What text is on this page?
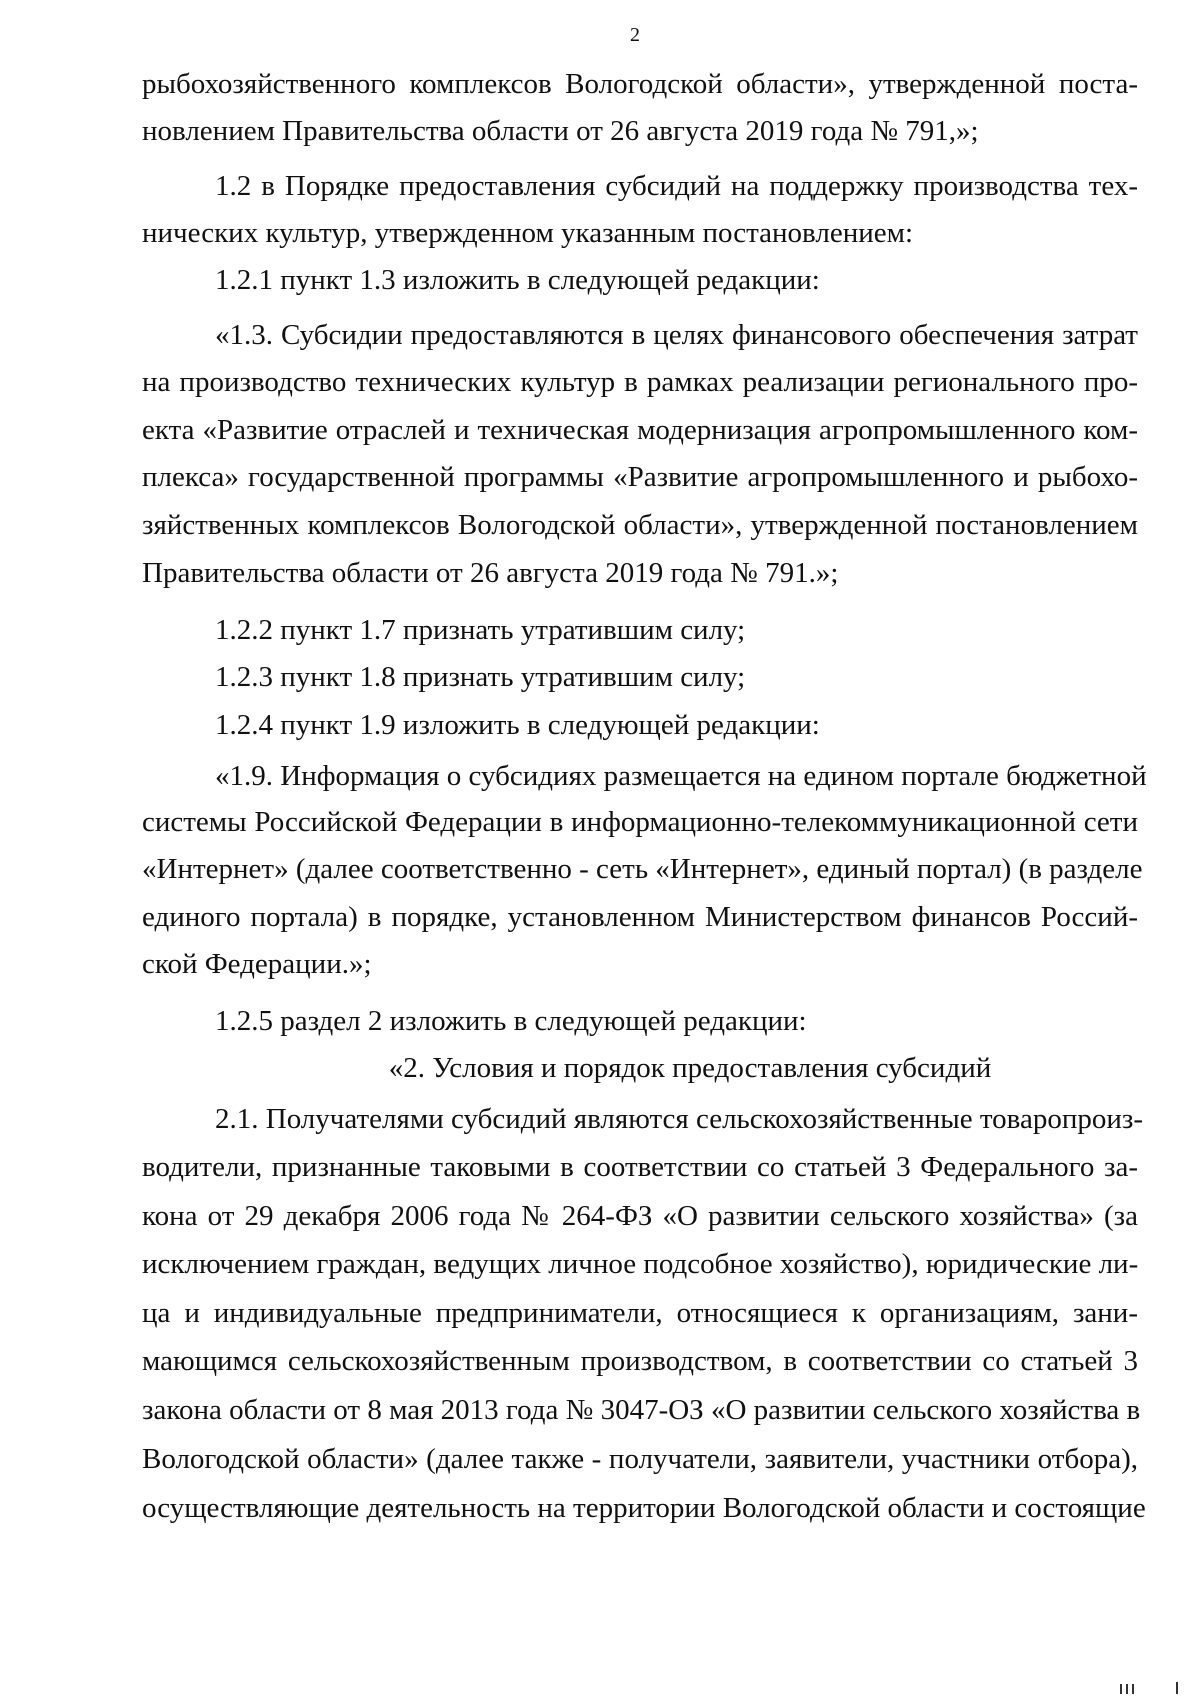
2
рыбохозяйственного комплексов Вологодской области», утвержденной поста-
новлением Правительства области от 26 августа 2019 года № 791,»;
1.2 в Порядке предоставления субсидий на поддержку производства тех-
нических культур, утвержденном указанным постановлением:
1.2.1 пункт 1.3 изложить в следующей редакции:
«1.3. Субсидии предоставляются в целях финансового обеспечения затрат
на производство технических культур в рамках реализации регионального про-
екта «Развитие отраслей и техническая модернизация агропромышленного ком-
плекса» государственной программы «Развитие агропромышленного и рыбохо-
зяйственных комплексов Вологодской области», утвержденной постановлением
Правительства области от 26 августа 2019 года № 791.»;
1.2.2 пункт 1.7 признать утратившим силу;
1.2.3 пункт 1.8 признать утратившим силу;
1.2.4 пункт 1.9 изложить в следующей редакции:
«1.9. Информация о субсидиях размещается на едином портале бюджетной
системы Российской Федерации в информационно-телекоммуникационной сети
«Интернет» (далее соответственно - сеть «Интернет», единый портал) (в разделе
единого портала) в порядке, установленном Министерством финансов Россий-
ской Федерации.»;
1.2.5 раздел 2 изложить в следующей редакции:
«2. Условия и порядок предоставления субсидий
2.1. Получателями субсидий являются сельскохозяйственные товаропроиз-
водители, признанные таковыми в соответствии со статьей 3 Федерального за-
кона от 29 декабря 2006 года № 264-ФЗ «О развитии сельского хозяйства» (за
исключением граждан, ведущих личное подсобное хозяйство), юридические ли-
ца и индивидуальные предприниматели, относящиеся к организациям, зани-
мающимся сельскохозяйственным производством, в соответствии со статьей 3
закона области от 8 мая 2013 года № 3047-ОЗ «О развитии сельского хозяйства в
Вологодской области» (далее также - получатели, заявители, участники отбора),
осуществляющие деятельность на территории Вологодской области и состоящие
